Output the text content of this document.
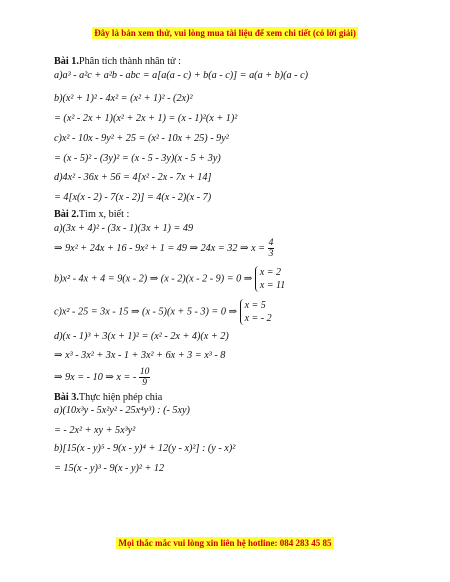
Đây là bản xem thử, vui lòng mua tài liệu để xem chi tiết (có lời giải)
Bài 1.Phân tích thành nhân tử :
a)a³ - a²c + a²b - abc = a[a(a - c) + b(a - c)] = a(a + b)(a - c)
b)(x² + 1)² - 4x² = (x² + 1)² - (2x)²
= (x² - 2x + 1)(x² + 2x + 1) = (x - 1)²(x + 1)²
c)x² - 10x - 9y² + 25 = (x² - 10x + 25) - 9y²
= (x - 5)² - (3y)² = (x - 5 - 3y)(x - 5 + 3y)
d)4x² - 36x + 56 = 4[x² - 2x - 7x + 14]
= 4[x(x - 2) - 7(x - 2)] = 4(x - 2)(x - 7)
Bài 2.Tìm x, biết :
a)(3x + 4)² - (3x - 1)(3x + 1) = 49
⇒ 9x² + 24x + 16 - 9x² + 1 = 49 ⇒ 24x = 32 ⇒ $x = \frac{4}{3}$
b)x² - 4x + 4 = 9(x - 2) ⇒ (x - 2)(x - 2 - 9) = 0 ⇒
x = 2
x = 11
c)x² - 25 = 3x - 15 ⇒ (x - 5)(x + 5 - 3) = 0 ⇒
x = 5
x = - 2
d)(x - 1)³ + 3(x + 1)² = (x² - 2x + 4)(x + 2)
⇒ x³ - 3x² + 3x - 1 + 3x² + 6x + 3 = x³ - 8
⇒ 9x = - 10 ⇒ x = - $\frac{10}{9}$
Bài 3.Thực hiện phép chia
a)(10x³y - 5x²y² - 25x⁴y³) : (- 5xy)
= - 2x² + xy + 5x³y²
b)[15(x - y)⁵ - 9(x - y)⁴ + 12(y - x)²] : (y - x)²
= 15(x - y)³ - 9(x - y)² + 12
Mọi thắc mắc vui lòng xin liên hệ hotline: 084 283 45 85
